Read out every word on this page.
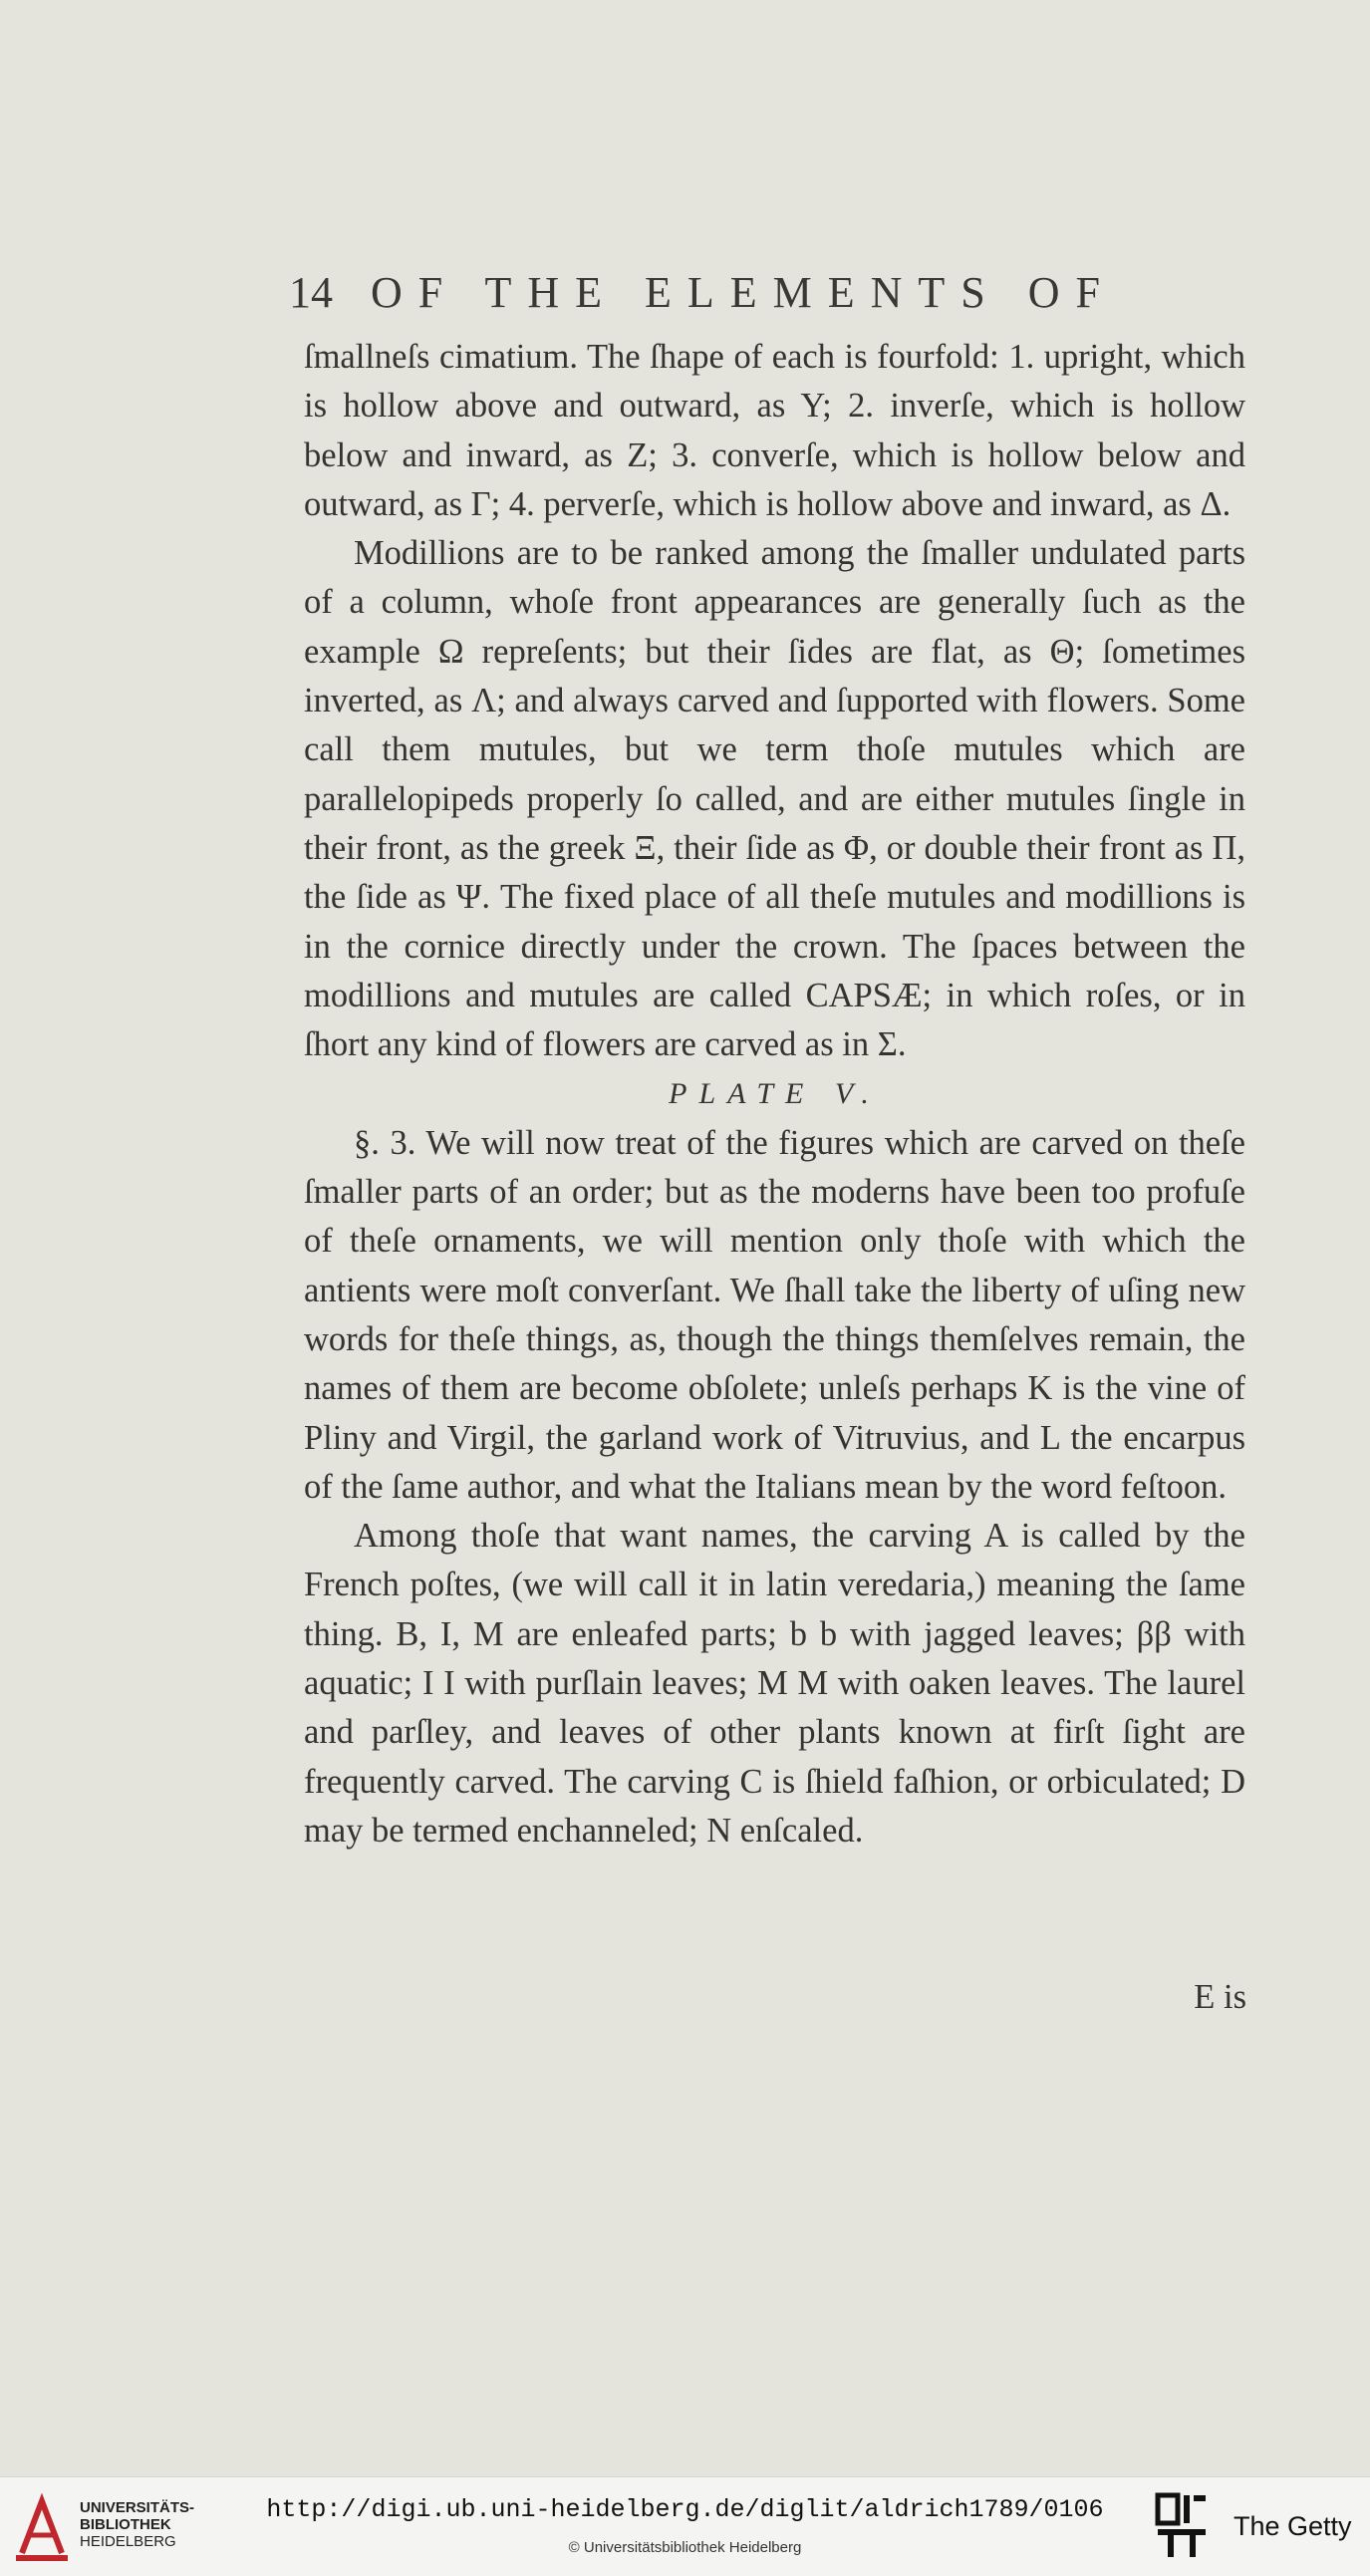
14 OF THE ELEMENTS OF

ſmallneſs cimatium. The ſhape of each is fourfold: 1. upright, which is hollow above and outward, as Y; 2. inverſe, which is hollow below and inward, as Z; 3. converſe, which is hollow below and outward, as Γ; 4. perverſe, which is hollow above and inward, as Δ.

Modillions are to be ranked among the ſmaller undulated parts of a column, whoſe front appearances are generally ſuch as the example Ω repreſents; but their ſides are flat, as Θ; ſometimes inverted, as Λ; and always carved and ſupported with flowers. Some call them mutules, but we term thoſe mutules which are parallelopipeds properly ſo called, and are either mutules ſingle in their front, as the greek Ξ, their ſide as Φ, or double their front as Π, the ſide as Ψ. The fixed place of all theſe mutules and modillions is in the cornice directly under the crown. The ſpaces between the modillions and mutules are called CAPSÆ; in which roſes, or in ſhort any kind of flowers are carved as in Σ.

PLATE V.

§. 3. We will now treat of the figures which are carved on theſe ſmaller parts of an order; but as the moderns have been too profuſe of theſe ornaments, we will mention only thoſe with which the antients were moſt converſant. We ſhall take the liberty of uſing new words for theſe things, as, though the things themſelves remain, the names of them are become obſolete; unleſs perhaps K is the vine of Pliny and Virgil, the garland work of Vitruvius, and L the encarpus of the ſame author, and what the Italians mean by the word feſtoon.

Among thoſe that want names, the carving A is called by the French poſtes, (we will call it in latin veredaria,) meaning the ſame thing. B, I, M are enleafed parts; b b with jagged leaves; ββ with aquatic; I I with purſlain leaves; M M with oaken leaves. The laurel and parſley, and leaves of other plants known at firſt ſight are frequently carved. The carving C is ſhield faſhion, or orbiculated; D may be termed enchanneled; N enſcaled.

E is
UNIVERSITÄTS-
BIBLIOTHEK
HEIDELBERG
http://digi.ub.uni-heidelberg.de/diglit/aldrich1789/0106
© Universitätsbibliothek Heidelberg
The Getty
